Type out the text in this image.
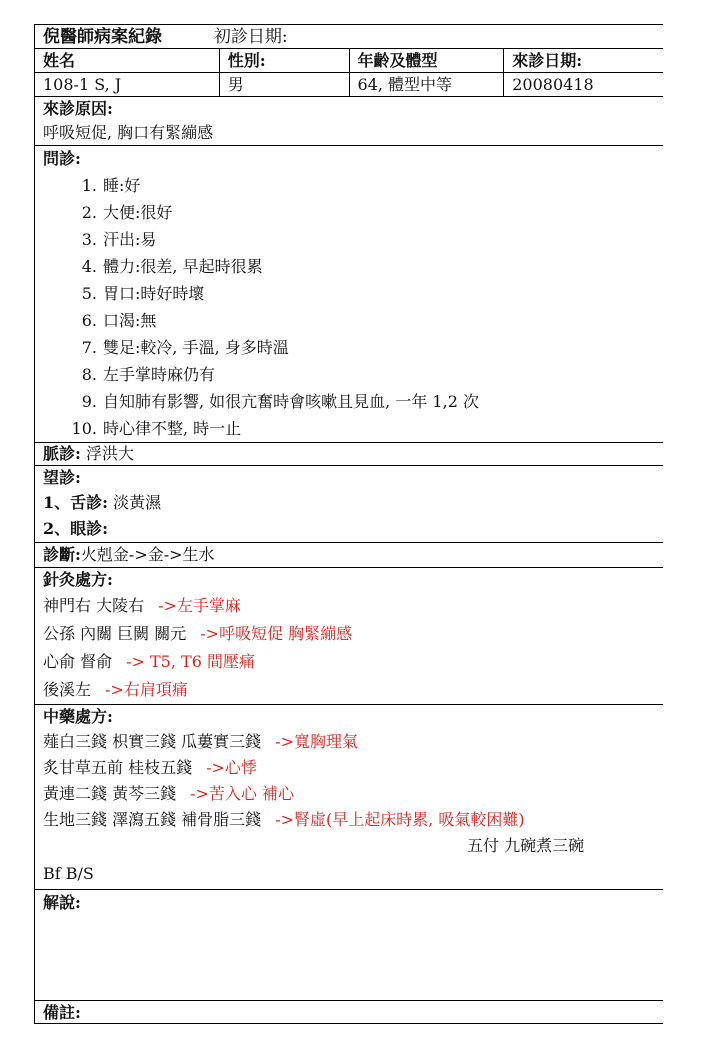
倪醫師病案紀錄	初診日期:
姓名	性別:	年齡及體型	來診日期:
108-1 S, J	男	64, 體型中等	20080418
來診原因:
呼吸短促, 胸口有緊繃感
問診:
1. 睡:好
2. 大便:很好
3. 汗出:易
4. 體力:很差, 早起時很累
5. 胃口:時好時壞
6. 口渴:無
7. 雙足:較冷, 手溫, 身多時溫
8. 左手掌時麻仍有
9. 自知肺有影響, 如很亢奮時會咳嗽且見血, 一年 1,2 次
10. 時心律不整, 時一止
脈診: 浮洪大
望診:
1、舌診: 淡黃濕
2、眼診:
診斷:火剋金->金->生水
針灸處方:
神門右 大陵右 ->左手掌麻
公孫 內關 巨闕 關元 ->呼吸短促 胸緊繃感
心俞 督俞 -> T5, T6 間壓痛
後溪左 ->右肩項痛
中藥處方:
薤白三錢 枳實三錢 瓜蔞實三錢 ->寬胸理氣
炙甘草五前 桂枝五錢 ->心悸
黃連二錢 黃芩三錢 ->苦入心 補心
生地三錢 澤瀉五錢 補骨脂三錢 ->腎虛(早上起床時累, 吸氣較困難)
五付 九碗煮三碗
Bf B/S
解說:
備註:
